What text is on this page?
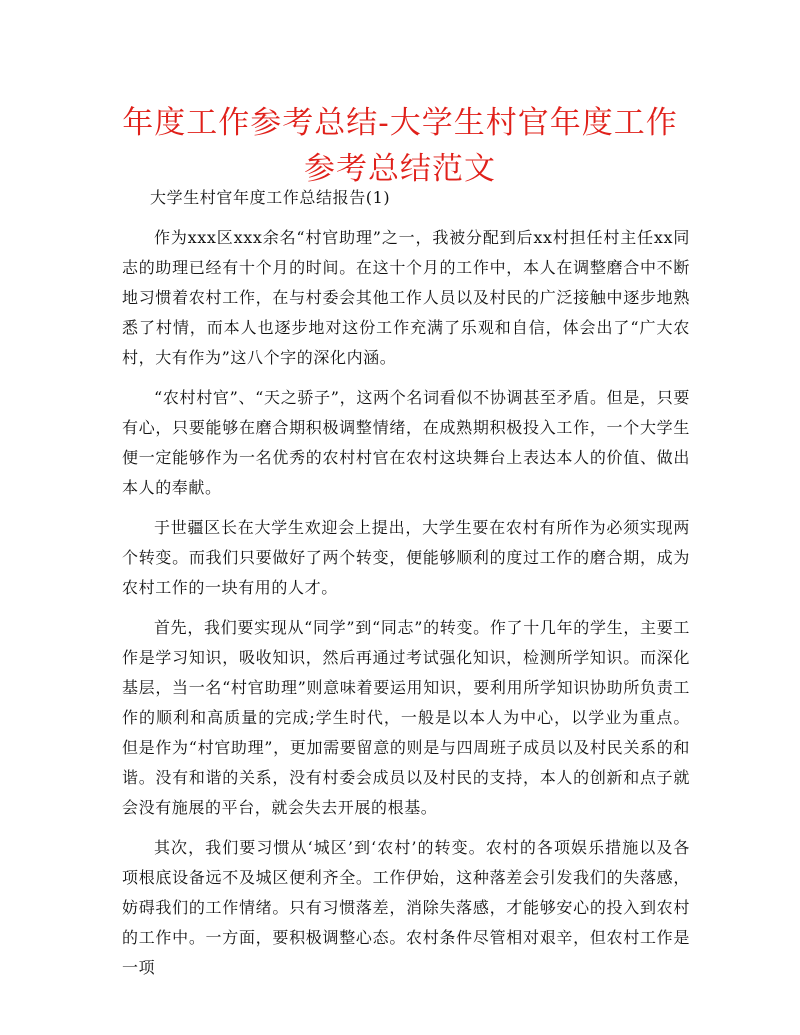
年度工作参考总结-大学生村官年度工作参考总结范文

大学生村官年度工作总结报告(1)

作为xxx区xxx余名“村官助理”之一，我被分配到后xx村担任村主任xx同志的助理已经有十个月的时间。在这十个月的工作中，本人在调整磨合中不断地习惯着农村工作，在与村委会其他工作人员以及村民的广泛接触中逐步地熟悉了村情，而本人也逐步地对这份工作充满了乐观和自信，体会出了“广大农村，大有作为”这八个字的深化内涵。

“农村村官”、“天之骄子”，这两个名词看似不协调甚至矛盾。但是，只要有心，只要能够在磨合期积极调整情绪，在成熟期积极投入工作，一个大学生便一定能够作为一名优秀的农村村官在农村这块舞台上表达本人的价值、做出本人的奉献。

于世疆区长在大学生欢迎会上提出，大学生要在农村有所作为必须实现两个转变。而我们只要做好了两个转变，便能够顺利的度过工作的磨合期，成为农村工作的一块有用的人才。

首先，我们要实现从“同学”到“同志”的转变。作了十几年的学生，主要工作是学习知识，吸收知识，然后再通过考试强化知识，检测所学知识。而深化基层，当一名“村官助理”则意味着要运用知识，要利用所学知识协助所负责工作的顺利和高质量的完成;学生时代，一般是以本人为中心，以学业为重点。但是作为“村官助理”，更加需要留意的则是与四周班子成员以及村民关系的和谐。没有和谐的关系，没有村委会成员以及村民的支持，本人的创新和点子就会没有施展的平台，就会失去开展的根基。

其次，我们要习惯从‘城区’到‘农村’的转变。农村的各项娱乐措施以及各项根底设备远不及城区便利齐全。工作伊始，这种落差会引发我们的失落感，妨碍我们的工作情绪。只有习惯落差，消除失落感，才能够安心的投入到农村的工作中。一方面，要积极调整心态。农村条件尽管相对艰辛，但农村工作是一项
